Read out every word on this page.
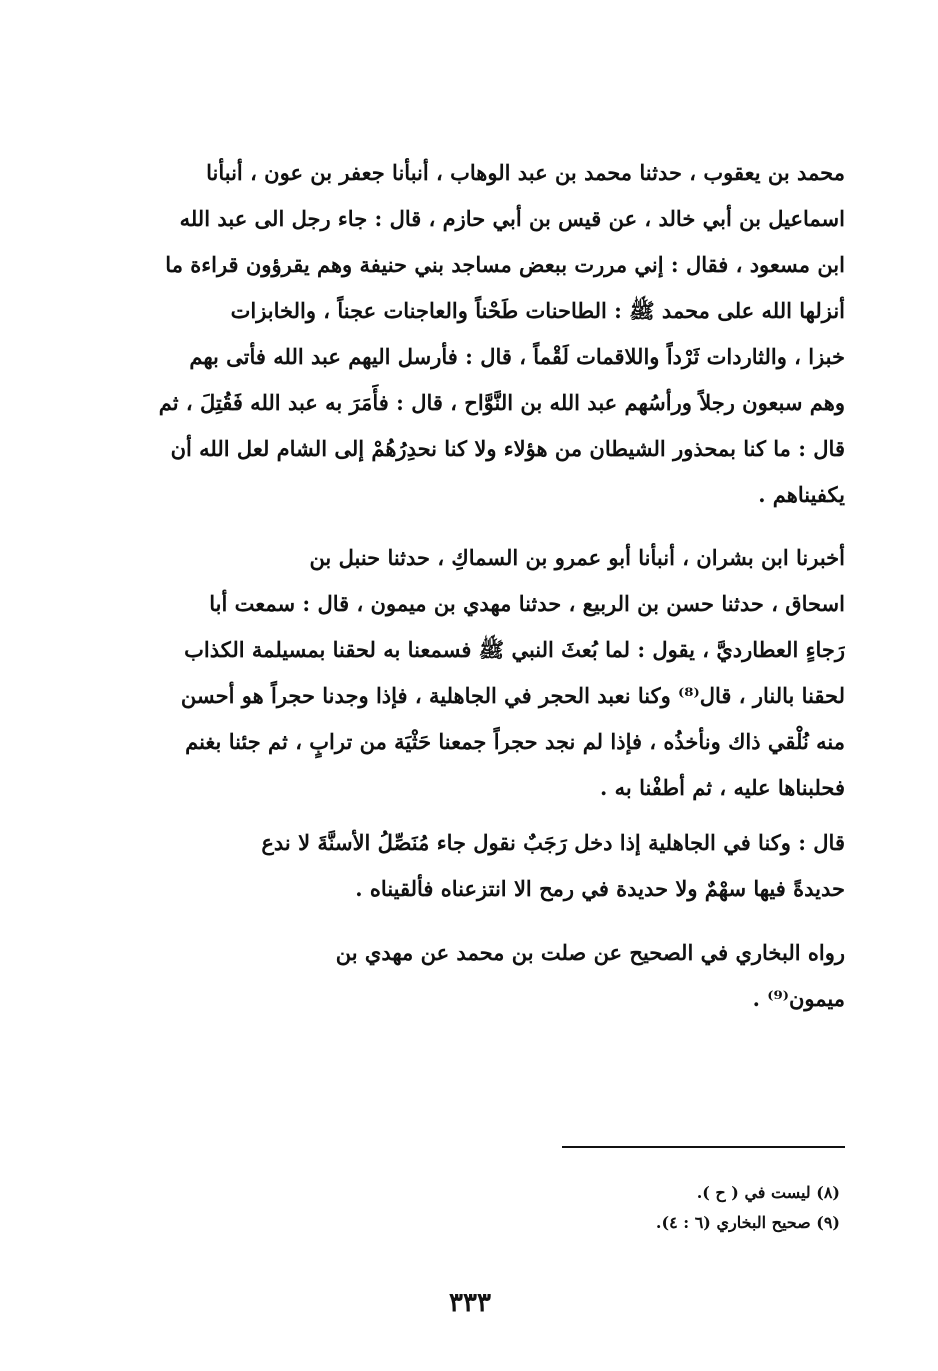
محمد بن يعقوب ، حدثنا محمد بن عبد الوهاب ، أنبأنا جعفر بن عون ، أنبأنا
اسماعيل بن أبي خالد ، عن قيس بن أبي حازم ، قال : جاء رجل الى عبد الله
ابن مسعود ، فقال : إني مررت ببعض مساجد بني حنيفة وهم يقرؤون قراءة ما
أنزلها الله على محمد ﷺ : الطاحنات طَحْناً والعاجنات عجناً ، والخابزات
خبزا ، والثاردات ثَرْداً واللاقمات لَقْماً ، قال : فأرسل اليهم عبد الله فأتى بهم
وهم سبعون رجلاً ورأسُهم عبد الله بن النَّوَّاح ، قال : فأَمَرَ به عبد الله فَقُتِلَ ، ثم
قال : ما كنا بمحذور الشيطان من هؤلاء ولا كنا نحدِرُهُمْ إلى الشام لعل الله أن
يكفيناهم .
أخبرنا ابن بشران ، أنبأنا أبو عمرو بن السماكِ ، حدثنا حنبل بن
اسحاق ، حدثنا حسن بن الربيع ، حدثنا مهدي بن ميمون ، قال : سمعت أبا
رَجاءٍ العطارديَّ ، يقول : لما بُعثَ النبي ﷺ فسمعنا به لحقنا بمسيلمة الكذاب
لحقنا بالنار ، قال⁽⁸⁾ وكنا نعبد الحجر في الجاهلية ، فإذا وجدنا حجراً هو أحسن
منه نُلْقي ذاك ونأخذُه ، فإذا لم نجد حجراً جمعنا حَثْيَة من ترابٍ ، ثم جئنا بغنم
فحلبناها عليه ، ثم أطفْنا به .
قال : وكنا في الجاهلية إذا دخل رَجَبٌ نقول جاء مُنَصِّلُ الأسنَّةَ لا ندع
حديدةً فيها سهْمٌ ولا حديدة في رمح الا انتزعناه فألقيناه .
رواه البخاري في الصحيح عن صلت بن محمد عن مهدي بن
ميمون⁽⁹⁾ .
(٨) ليست في ( ح ).
(٩) صحيح البخاري (٦ : ٤).
٣٣٣
